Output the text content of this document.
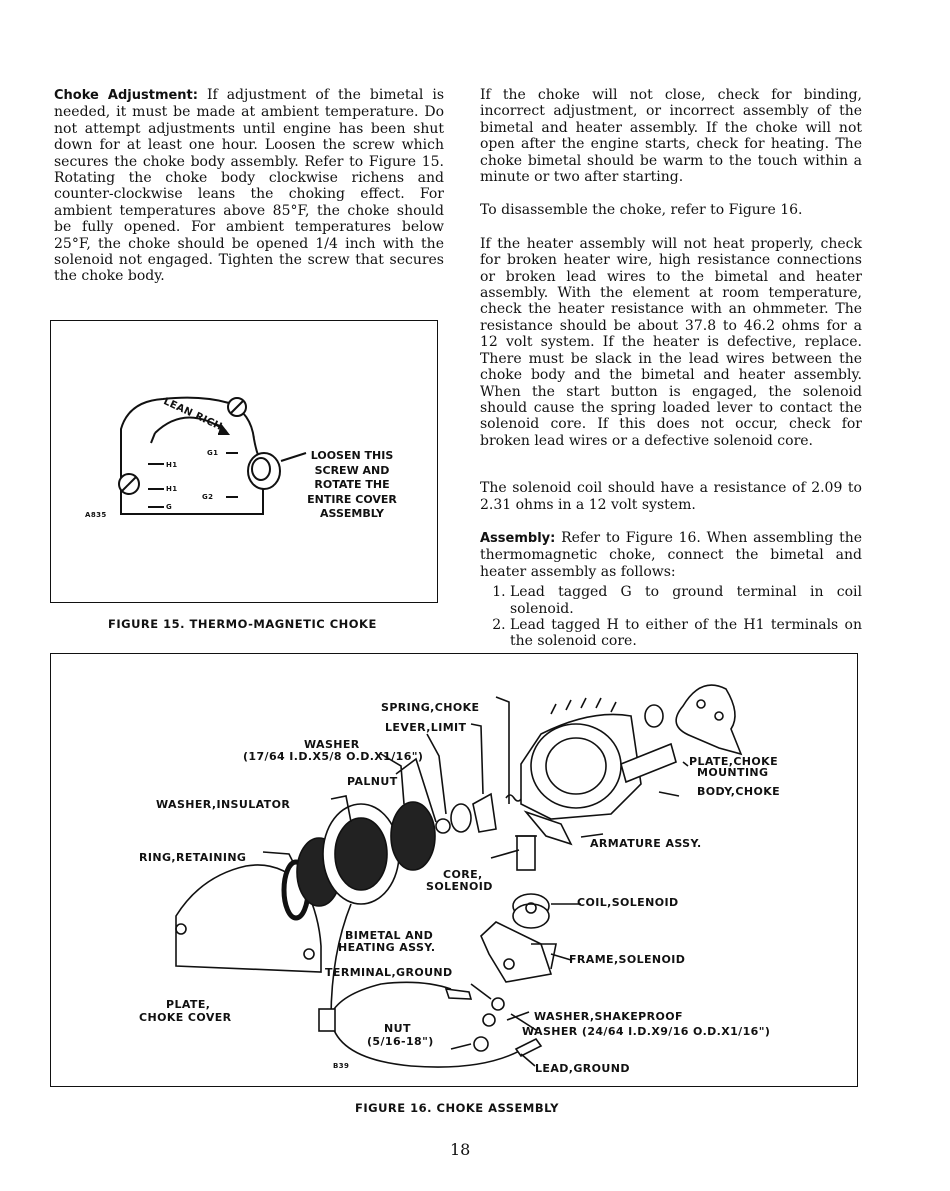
Choke Adjustment: If adjustment of the bimetal is needed, it must be made at ambient temperature. Do not attempt adjustments until engine has been shut down for at least one hour. Loosen the screw which secures the choke body assembly. Refer to Figure 15. Rotating the choke body clockwise richens and counter-clockwise leans the choking effect. For ambient temperatures above 85°F, the choke should be fully opened. For ambient temperatures below 25°F, the choke should be opened 1/4 inch with the solenoid not engaged. Tighten the screw that secures the choke body.

LEAN RICH
H1
H1
G
G1
G2
A835
LOOSEN THIS
SCREW AND
ROTATE THE
ENTIRE COVER
ASSEMBLY
FIGURE 15. THERMO-MAGNETIC CHOKE

If the choke will not close, check for binding, incorrect adjustment, or incorrect assembly of the bimetal and heater assembly. If the choke will not open after the engine starts, check for heating. The choke bimetal should be warm to the touch within a minute or two after starting.

To disassemble the choke, refer to Figure 16.

If the heater assembly will not heat properly, check for broken heater wire, high resistance connections or broken lead wires to the bimetal and heater assembly. With the element at room temperature, check the heater resistance with an ohmmeter. The resistance should be about 37.8 to 46.2 ohms for a 12 volt system. If the heater is defective, replace. There must be slack in the lead wires between the choke body and the bimetal and heater assembly. When the start button is engaged, the solenoid should cause the spring loaded lever to contact the solenoid core. If this does not occur, check for broken lead wires or a defective solenoid core.

The solenoid coil should have a resistance of 2.09 to 2.31 ohms in a 12 volt system.

Assembly: Refer to Figure 16. When assembling the thermomagnetic choke, connect the bimetal and heater assembly as follows:

1. Lead tagged G to ground terminal in coil solenoid.
2. Lead tagged H to either of the H1 terminals on the solenoid core.
SPRING,CHOKE
LEVER,LIMIT
WASHER
(17/64 I.D.X5/8 O.D.X1/16")
PALNUT
WASHER,INSULATOR
RING,RETAINING
CORE,
SOLENOID
BIMETAL AND
HEATING ASSY.
TERMINAL,GROUND
PLATE,
CHOKE COVER
NUT
(5/16-18")
B39
PLATE,CHOKE
MOUNTING
BODY,CHOKE
ARMATURE ASSY.
COIL,SOLENOID
FRAME,SOLENOID
WASHER,SHAKEPROOF
WASHER (24/64 I.D.X9/16 O.D.X1/16")
LEAD,GROUND
FIGURE 16. CHOKE ASSEMBLY
18
